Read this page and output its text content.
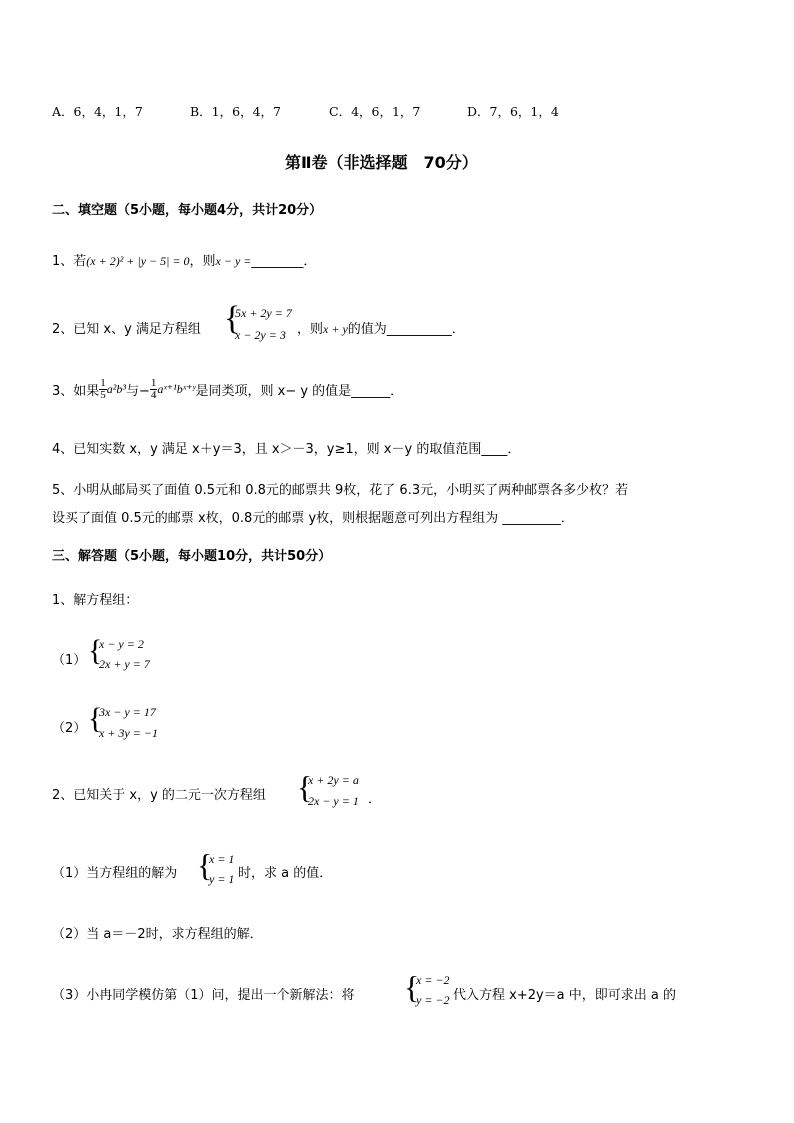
A．6，4，1，7	B．1，6，4，7	C．4，6，1，7	D．7，6，1，4
第Ⅱ卷（非选择题　70分）
二、填空题（5小题，每小题4分，共计20分）
1、若(x + 2)² + |y − 5| = 0，则x − y =________．
2、已知 x、y 满足方程组 {
5x + 2y = 7
x − 2y = 3 ，则x + y的值为__________．
3、如果 $\frac{1}{5} a^2b^3$与− $\frac{1}{4}$ aˣ⁺¹bˣ⁺ʸ是同类项，则 x− y 的值是______．
4、已知实数 x，y 满足 x＋y＝3，且 x＞－3，y≥1，则 x－y 的取值范围____．
5、小明从邮局买了面值 0.5元和 0.8元的邮票共 9枚，花了 6.3元，小明买了两种邮票各多少枚？若
设买了面值 0.5元的邮票 x枚，0.8元的邮票 y枚，则根据题意可列出方程组为 _________．
三、解答题（5小题，每小题10分，共计50分）
1、解方程组：
（1） {
x − y = 2
2x + y = 7
（2） {
3x − y = 17
x + 3y = −1
2、已知关于 x，y 的二元一次方程组 {
x + 2y = a
2x − y = 1 ．
（1）当方程组的解为 {
x = 1
y = 1 时，求 a 的值．
（2）当 a＝－2时，求方程组的解．
（3）小冉同学模仿第（1）问，提出一个新解法：将 {
x = −2
y = −2 代入方程 x+2y＝a 中，即可求出 a 的
